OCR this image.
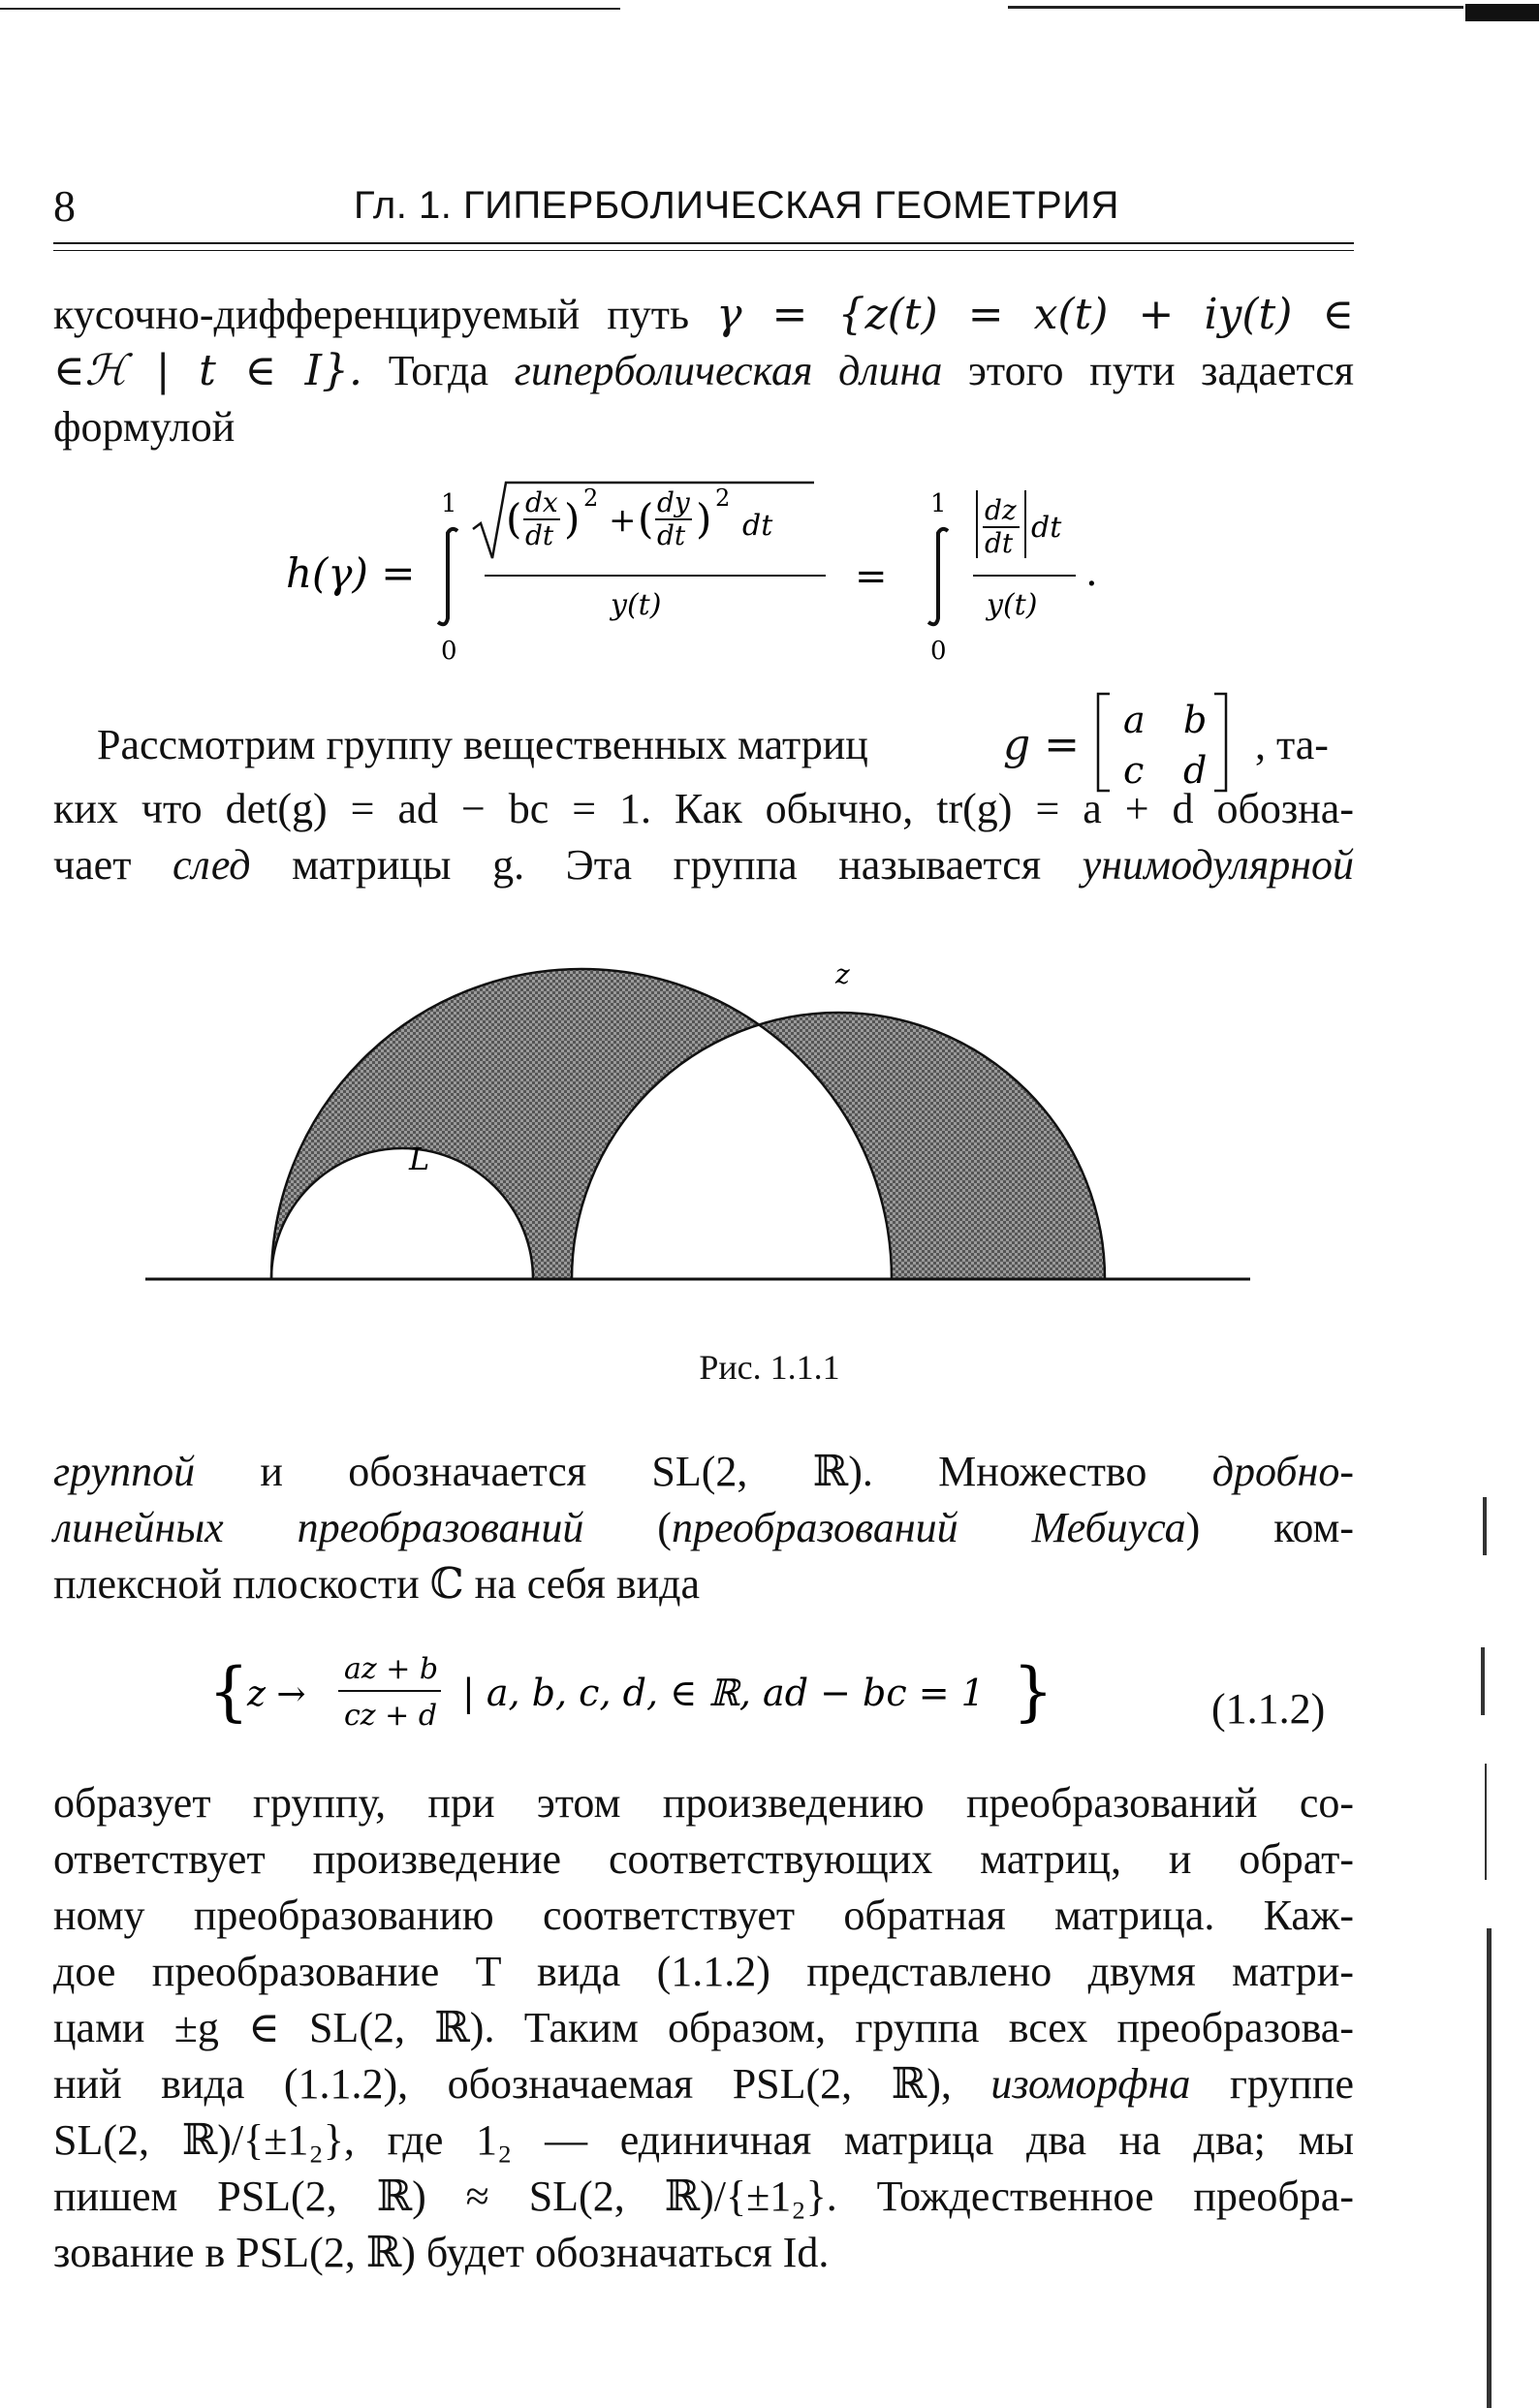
8	Гл. 1. ГИПЕРБОЛИЧЕСКАЯ ГЕОМЕТРИЯ
кусочно-дифференцируемый путь γ = {z(t) = x(t) + iy(t) ∈
∈ℋ | t ∈ I}. Тогда гиперболическая длина этого пути задается
формулой
h(γ) =
1
0
( dx
dt ) 2
+ ( dy
dt ) 2
dt
y(t)
=
1
0
dz
dt dt
y(t)
.
Рассмотрим группу вещественных матриц	g = a b
c d
, та-
ких что det(g) = ad − bc = 1. Как обычно, tr(g) = a + d обозна-
чает след матрицы g. Эта группа называется унимодулярной
z
L
Рис. 1.1.1
группой и обозначается SL(2, ℝ). Множество дробно-
линейных преобразований (преобразований Мебиуса) ком-
плексной плоскости ℂ на себя вида
{
z →
az + b
cz + d
| a, b, c, d, ∈ ℝ, ad − bc = 1 }	(1.1.2)
образует группу, при этом произведению преобразований со-
ответствует произведение соответствующих матриц, и обрат-
ному преобразованию соответствует обратная матрица. Каж-
дое преобразование T вида (1.1.2) представлено двумя матри-
цами ±g ∈ SL(2, ℝ). Таким образом, группа всех преобразова-
ний вида (1.1.2), обозначаемая PSL(2, ℝ), изоморфна группе
SL(2, ℝ)/{±1₂}, где 1₂ — единичная матрица два на два; мы
пишем PSL(2, ℝ) ≈ SL(2, ℝ)/{±1₂}. Тождественное преобра-
зование в PSL(2, ℝ) будет обозначаться Id.
